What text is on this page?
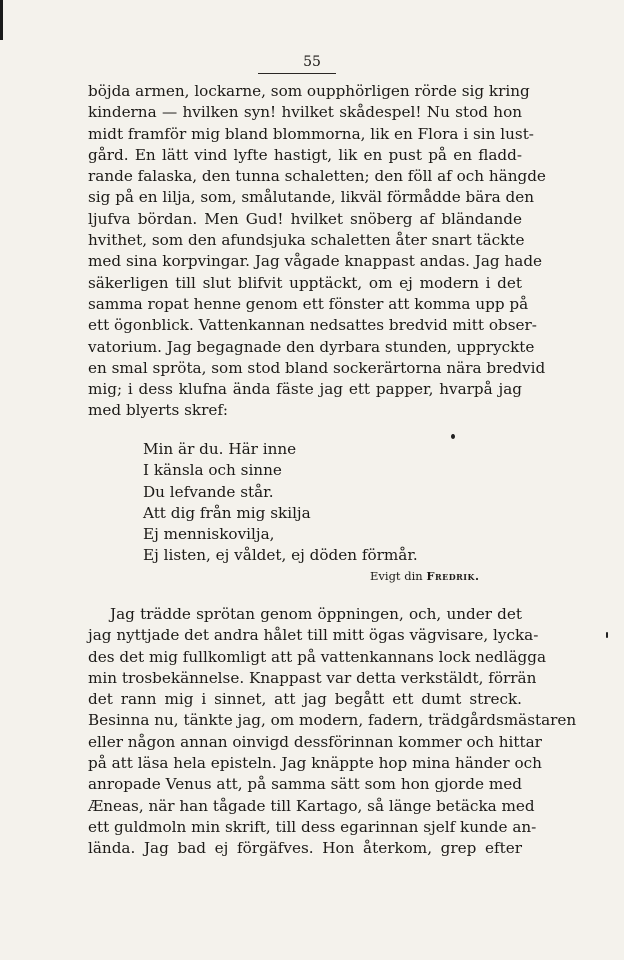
55
böjda armen, lockarne, som oupphörligen rörde sig kring
kinderna — hvilken syn! hvilket skådespel! Nu stod hon
midt framför mig bland blommorna, lik en Flora i sin lust-
gård. En lätt vind lyfte hastigt, lik en pust på en fladd-
rande falaska, den tunna schaletten; den föll af och hängde
sig på en lilja, som, smålutande, likväl förmådde bära den
ljufva bördan. Men Gud! hvilket snöberg af bländande
hvithet, som den afundsjuka schaletten åter snart täckte
med sina korpvingar. Jag vågade knappast andas. Jag hade
säkerligen till slut blifvit upptäckt, om ej modern i det
samma ropat henne genom ett fönster att komma upp på
ett ögonblick. Vattenkannan nedsattes bredvid mitt obser-
vatorium. Jag begagnade den dyrbara stunden, uppryckte
en smal spröta, som stod bland sockerärtorna nära bredvid
mig; i dess klufna ända fäste jag ett papper, hvarpå jag
med blyerts skref:
Min är du. Här inne
I känsla och sinne
Du lefvande står.
Att dig från mig skilja
Ej menniskovilja,
Ej listen, ej våldet, ej döden förmår.
Evigt din Fredrik.
Jag trädde sprötan genom öppningen, och, under det
jag nyttjade det andra hålet till mitt ögas vägvisare, lycka-
des det mig fullkomligt att på vattenkannans lock nedlägga
min trosbekännelse. Knappast var detta verkstäldt, förrän
det rann mig i sinnet, att jag begått ett dumt streck.
Besinna nu, tänkte jag, om modern, fadern, trädgårdsmästaren
eller någon annan oinvigd dessförinnan kommer och hittar
på att läsa hela episteln. Jag knäppte hop mina händer och
anropade Venus att, på samma sätt som hon gjorde med
Æneas, när han tågade till Kartago, så länge betäcka med
ett guldmoln min skrift, till dess egarinnan sjelf kunde an-
lända. Jag bad ej förgäfves. Hon återkom, grep efter
